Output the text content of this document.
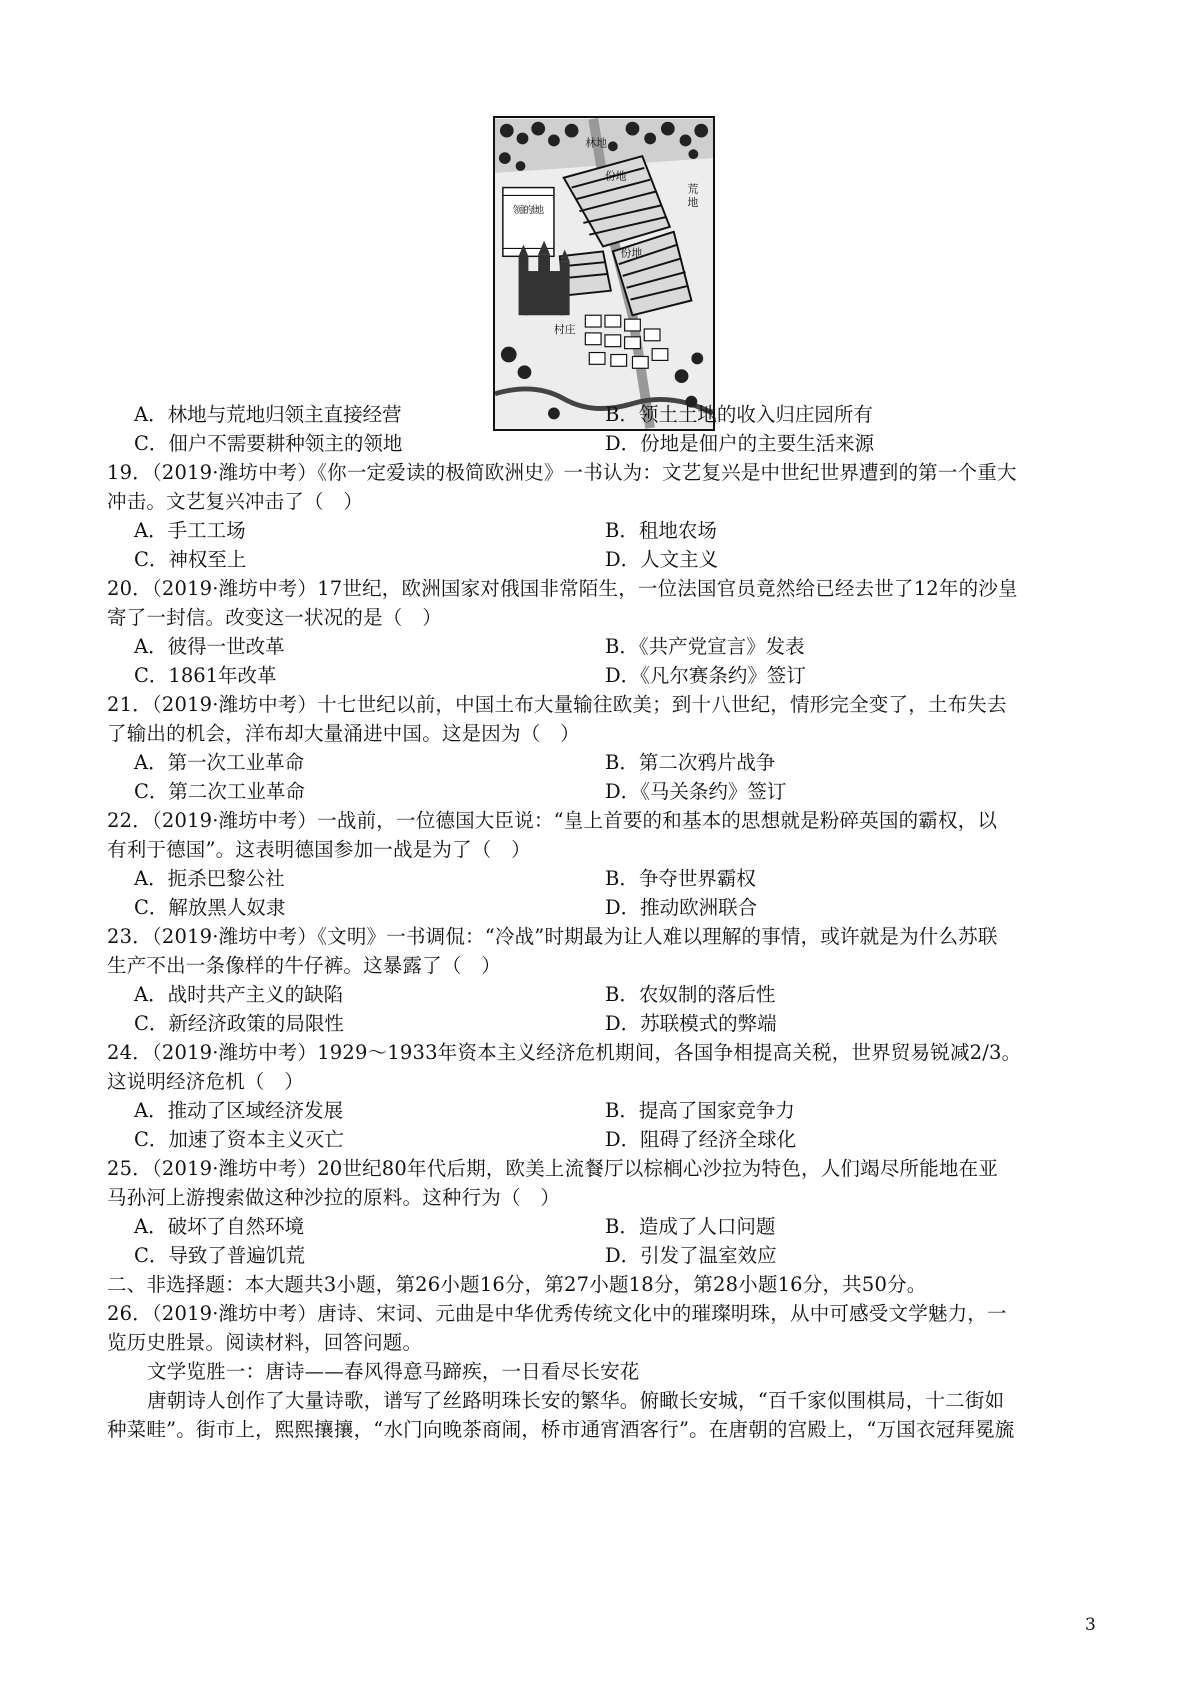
林地
荒 地
份地
份地
村庄
领主的土地
A．林地与荒地归领主直接经营	B．领土土地的收入归庄园所有
C．佃户不需要耕种领主的领地	D．份地是佃户的主要生活来源
19．（2019·潍坊中考）《你一定爱读的极简欧洲史》一书认为：文艺复兴是中世纪世界遭到的第一个重大
冲击。文艺复兴冲击了（　）
A．手工工场	B．租地农场
C．神权至上	D．人文主义
20．（2019·潍坊中考）17世纪，欧洲国家对俄国非常陌生，一位法国官员竟然给已经去世了12年的沙皇
寄了一封信。改变这一状况的是（　）
A．彼得一世改革	B．《共产党宣言》发表
C．1861年改革	D．《凡尔赛条约》签订
21．（2019·潍坊中考）十七世纪以前，中国土布大量输往欧美；到十八世纪，情形完全变了，土布失去
了输出的机会，洋布却大量涌进中国。这是因为（　）
A．第一次工业革命	B．第二次鸦片战争
C．第二次工业革命	D．《马关条约》签订
22．（2019·潍坊中考）一战前，一位德国大臣说：“皇上首要的和基本的思想就是粉碎英国的霸权，以
有利于德国”。这表明德国参加一战是为了（　）
A．扼杀巴黎公社	B．争夺世界霸权
C．解放黑人奴隶	D．推动欧洲联合
23．（2019·潍坊中考）《文明》一书调侃：“冷战”时期最为让人难以理解的事情，或许就是为什么苏联
生产不出一条像样的牛仔裤。这暴露了（　）
A．战时共产主义的缺陷	B．农奴制的落后性
C．新经济政策的局限性	D．苏联模式的弊端
24．（2019·潍坊中考）1929～1933年资本主义经济危机期间，各国争相提高关税，世界贸易锐减2/3。
这说明经济危机（　）
A．推动了区域经济发展	B．提高了国家竞争力
C．加速了资本主义灭亡	D．阻碍了经济全球化
25．（2019·潍坊中考）20世纪80年代后期，欧美上流餐厅以棕榈心沙拉为特色，人们竭尽所能地在亚
马孙河上游搜索做这种沙拉的原料。这种行为（　）
A．破坏了自然环境	B．造成了人口问题
C．导致了普遍饥荒	D．引发了温室效应
二、非选择题：本大题共3小题，第26小题16分，第27小题18分，第28小题16分，共50分。
26．（2019·潍坊中考）唐诗、宋词、元曲是中华优秀传统文化中的璀璨明珠，从中可感受文学魅力，一
览历史胜景。阅读材料，回答问题。
文学览胜一：唐诗——春风得意马蹄疾，一日看尽长安花
唐朝诗人创作了大量诗歌，谱写了丝路明珠长安的繁华。俯瞰长安城，“百千家似围棋局，十二街如
种菜畦”。街市上，熙熙攘攘，“水门向晚茶商闹，桥市通宵酒客行”。在唐朝的宫殿上，“万国衣冠拜冕旒
3
